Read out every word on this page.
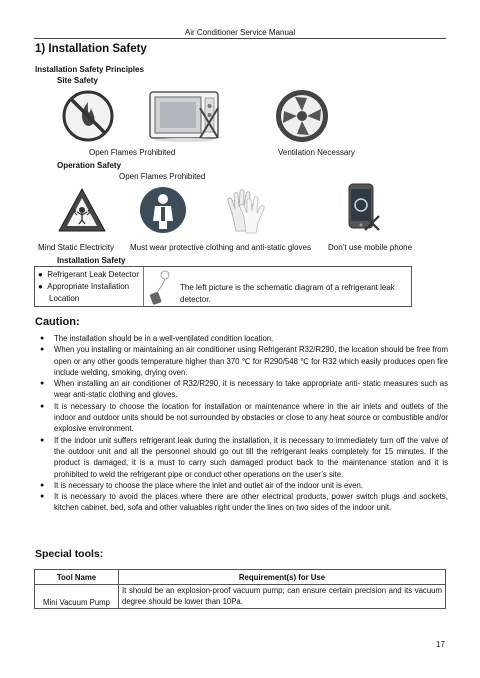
Air Conditioner Service Manual
1) Installation Safety
Installation Safety Principles
Site Safety
Open Flames Prohibited	Ventilation Necessary
Operation Safety
Open Flames Prohibited
Mind Static Electricity Must wear protective clothing and anti-static gloves Don’t use mobile phone
Installation Safety
●  Refrigerant Leak Detector
●  Appropriate Installation
Location
The left picture is the schematic diagram of a refrigerant leak
detector.
Caution:
● The installation should be in a well-ventilated condition location.
● When you installing or maintaining an air conditioner using Refrigerant R32/R290, the location should be free from open or any other goods temperature higher than 370 ℃ for R290/548 ℃ for R32 which easily produces open fire include welding, smoking, drying oven.
● When installing an air conditioner of R32/R290, it is necessary to take appropriate anti- static measures such as wear anti-static clothing and gloves.
● It is necessary to choose the location for installation or maintenance where in the air inlets and outlets of the indoor and outdoor units should be not surrounded by obstacles or close to any heat source or combustible and/or explosive environment.
● If the indoor unit suffers refrigerant leak during the installation, it is necessary to immediately turn off the valve of the outdoor unit and all the personnel should go out till the refrigerant leaks completely for 15 minutes. If the product is damaged, it is a must to carry such damaged product back to the maintenance station and it is prohibited to weld the refrigerant pipe or conduct other operations on the user’s site.
● It is necessary to choose the place where the inlet and outlet air of the indoor unit is even.
● It is necessary to avoid the places where there are other electrical products, power switch plugs and sockets, kitchen cabinet, bed, sofa and other valuables right under the lines on two sides of the indoor unit.
Special tools:
Tool Name	Requirement(s) for Use
Mini Vacuum Pump	It should be an explosion-proof vacuum pump; can ensure certain precision and its vacuum degree should be lower than 10Pa.
17
